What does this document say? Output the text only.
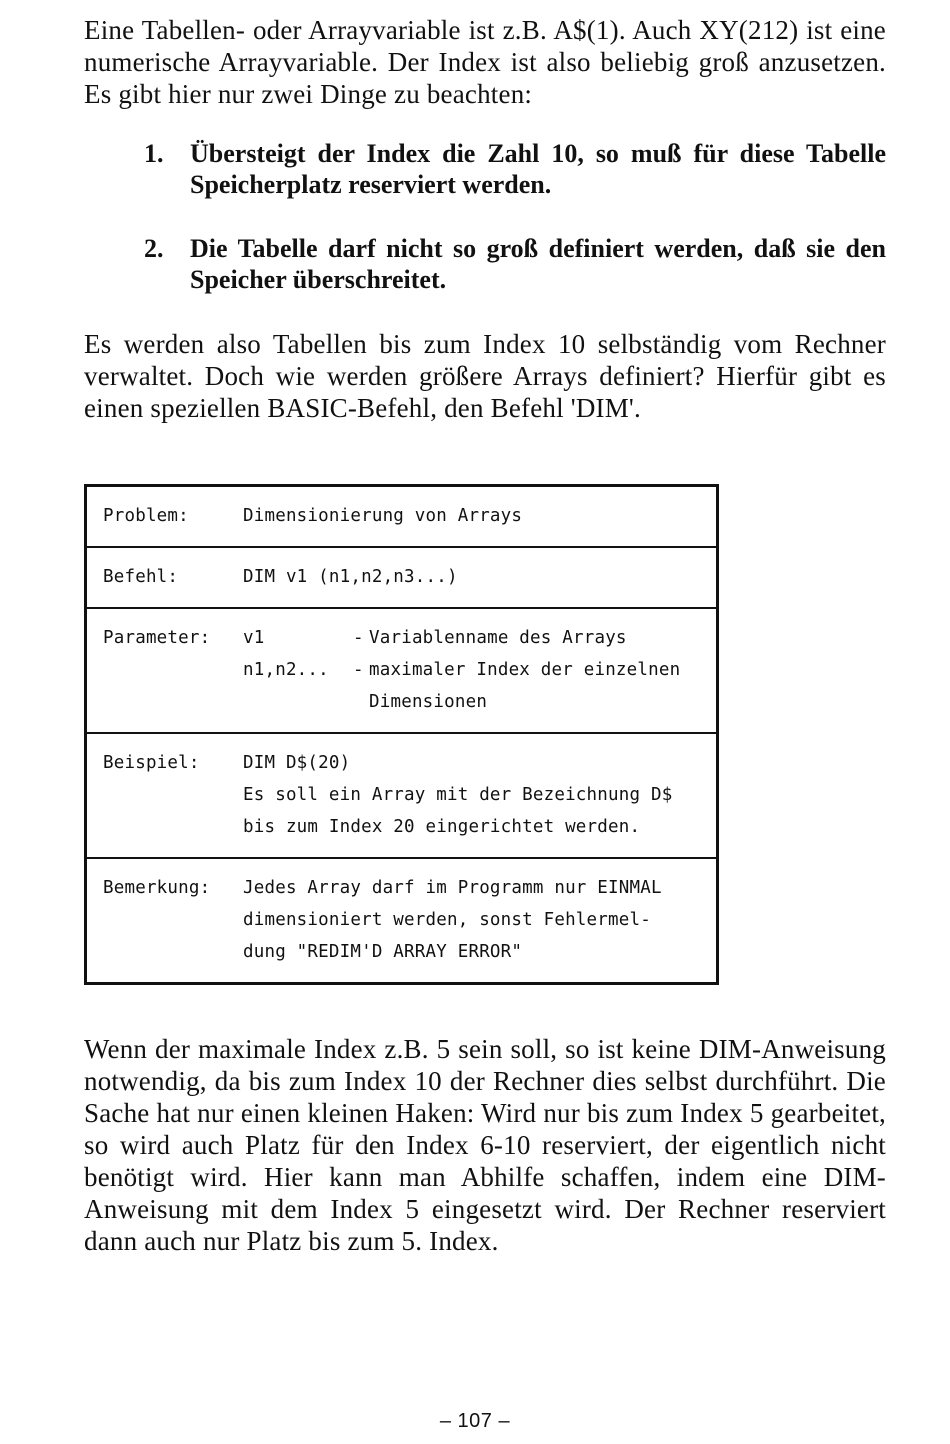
Eine Tabellen- oder Arrayvariable ist z.B. A$(1). Auch XY(212) ist eine numerische Arrayvariable. Der Index ist also beliebig groß anzusetzen. Es gibt hier nur zwei Dinge zu beachten:

1. Übersteigt der Index die Zahl 10, so muß für diese Tabelle Speicherplatz reserviert werden.
2. Die Tabelle darf nicht so groß definiert werden, daß sie den Speicher überschreitet.

Es werden also Tabellen bis zum Index 10 selbständig vom Rechner verwaltet. Doch wie werden größere Arrays definiert? Hierfür gibt es einen speziellen BASIC-Befehl, den Befehl 'DIM'.

Problem:	Dimensionierung von Arrays
Befehl:	DIM v1 (n1,n2,n3...)
Parameter:	v1	- Variablenname des Arrays
n1,n2...	- maximaler Index der einzelnen Dimensionen
Beispiel:	DIM D$(20)
Es soll ein Array mit der Bezeichnung D$
bis zum Index 20 eingerichtet werden.
Bemerkung:	Jedes Array darf im Programm nur EINMAL
dimensioniert werden, sonst Fehlermel-
dung "REDIM'D ARRAY ERROR"

Wenn der maximale Index z.B. 5 sein soll, so ist keine DIM-Anweisung notwendig, da bis zum Index 10 der Rechner dies selbst durchführt. Die Sache hat nur einen kleinen Haken: Wird nur bis zum Index 5 gearbeitet, so wird auch Platz für den Index 6-10 reserviert, der eigentlich nicht benötigt wird. Hier kann man Abhilfe schaffen, indem eine DIM-Anweisung mit dem Index 5 eingesetzt wird. Der Rechner reserviert dann auch nur Platz bis zum 5. Index.

– 107 –
